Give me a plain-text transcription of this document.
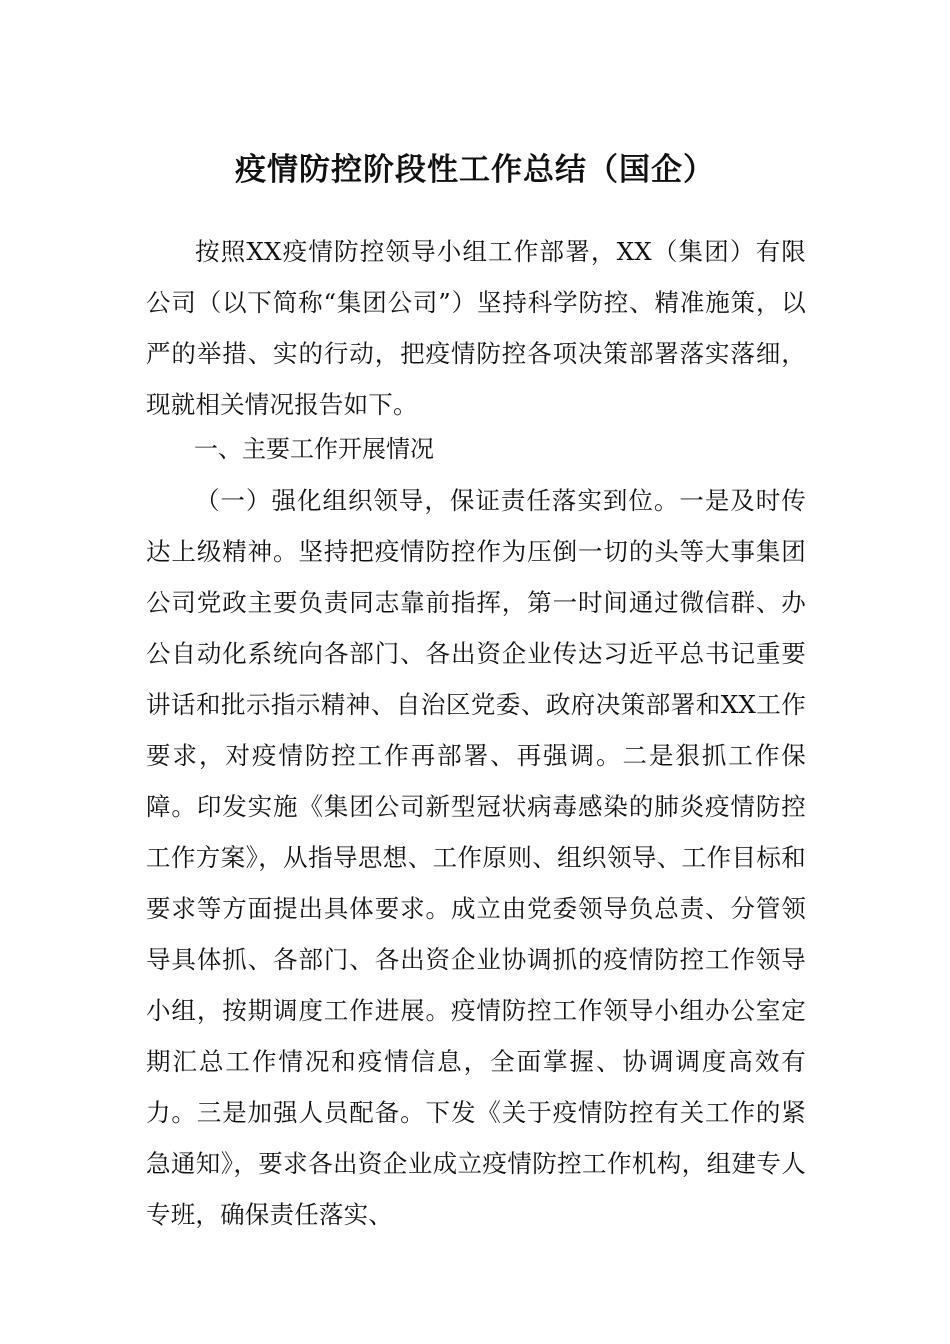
疫情防控阶段性工作总结（国企）

按照XX疫情防控领导小组工作部署，XX（集团）有限公司（以下简称“集团公司”）坚持科学防控、精准施策，以严的举措、实的行动，把疫情防控各项决策部署落实落细，现就相关情况报告如下。

一、主要工作开展情况

（一）强化组织领导，保证责任落实到位。一是及时传达上级精神。坚持把疫情防控作为压倒一切的头等大事集团公司党政主要负责同志靠前指挥，第一时间通过微信群、办公自动化系统向各部门、各出资企业传达习近平总书记重要讲话和批示指示精神、自治区党委、政府决策部署和XX工作要求，对疫情防控工作再部署、再强调。二是狠抓工作保障。印发实施《集团公司新型冠状病毒感染的肺炎疫情防控工作方案》，从指导思想、工作原则、组织领导、工作目标和要求等方面提出具体要求。成立由党委领导负总责、分管领导具体抓、各部门、各出资企业协调抓的疫情防控工作领导小组，按期调度工作进展。疫情防控工作领导小组办公室定期汇总工作情况和疫情信息，全面掌握、协调调度高效有力。三是加强人员配备。下发《关于疫情防控有关工作的紧急通知》，要求各出资企业成立疫情防控工作机构，组建专人专班，确保责任落实、
